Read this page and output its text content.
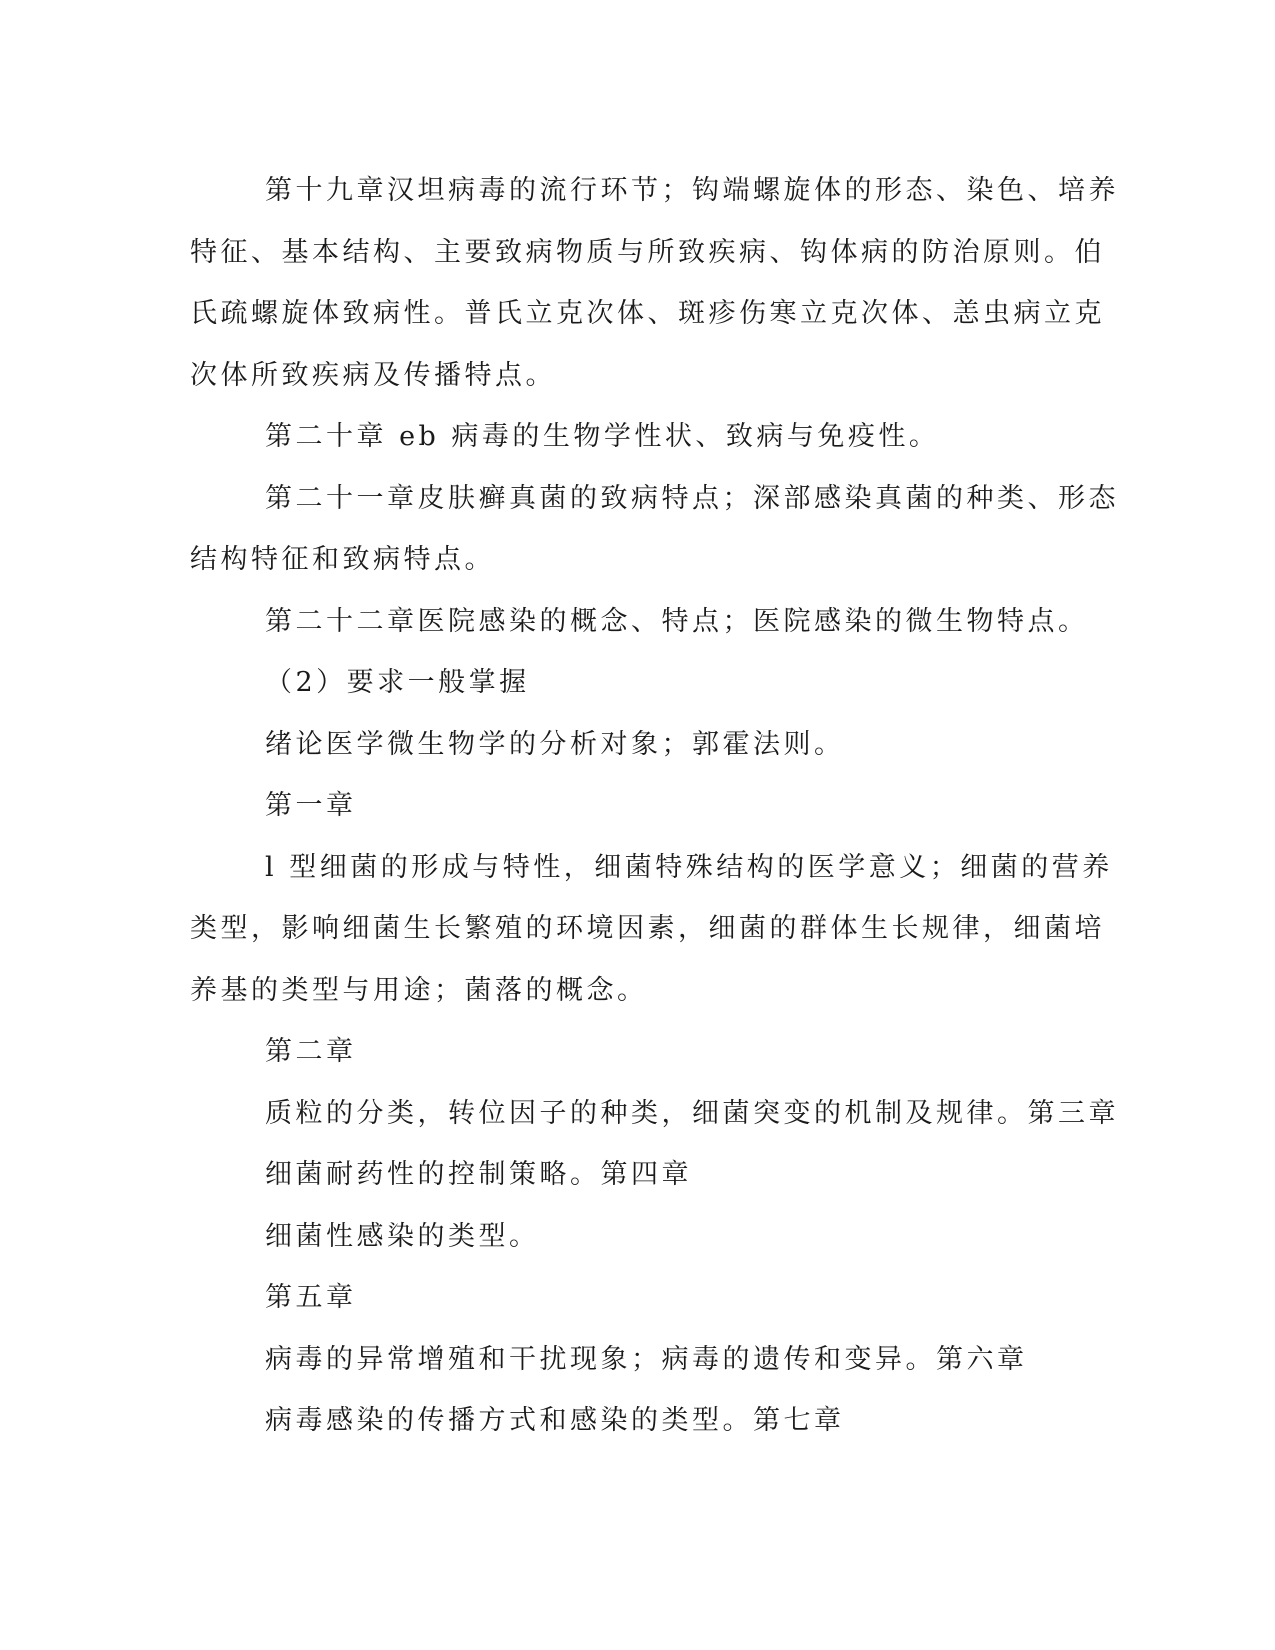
第十九章汉坦病毒的流行环节；钩端螺旋体的形态、染色、培养
特征、基本结构、主要致病物质与所致疾病、钩体病的防治原则。伯
氏疏螺旋体致病性。普氏立克次体、斑疹伤寒立克次体、恙虫病立克
次体所致疾病及传播特点。
第二十章 eb 病毒的生物学性状、致病与免疫性。
第二十一章皮肤癣真菌的致病特点；深部感染真菌的种类、形态
结构特征和致病特点。
第二十二章医院感染的概念、特点；医院感染的微生物特点。
（2）要求一般掌握
绪论医学微生物学的分析对象；郭霍法则。
第一章
l 型细菌的形成与特性，细菌特殊结构的医学意义；细菌的营养
类型，影响细菌生长繁殖的环境因素，细菌的群体生长规律，细菌培
养基的类型与用途；菌落的概念。
第二章
质粒的分类，转位因子的种类，细菌突变的机制及规律。第三章
细菌耐药性的控制策略。第四章
细菌性感染的类型。
第五章
病毒的异常增殖和干扰现象；病毒的遗传和变异。第六章
病毒感染的传播方式和感染的类型。第七章
